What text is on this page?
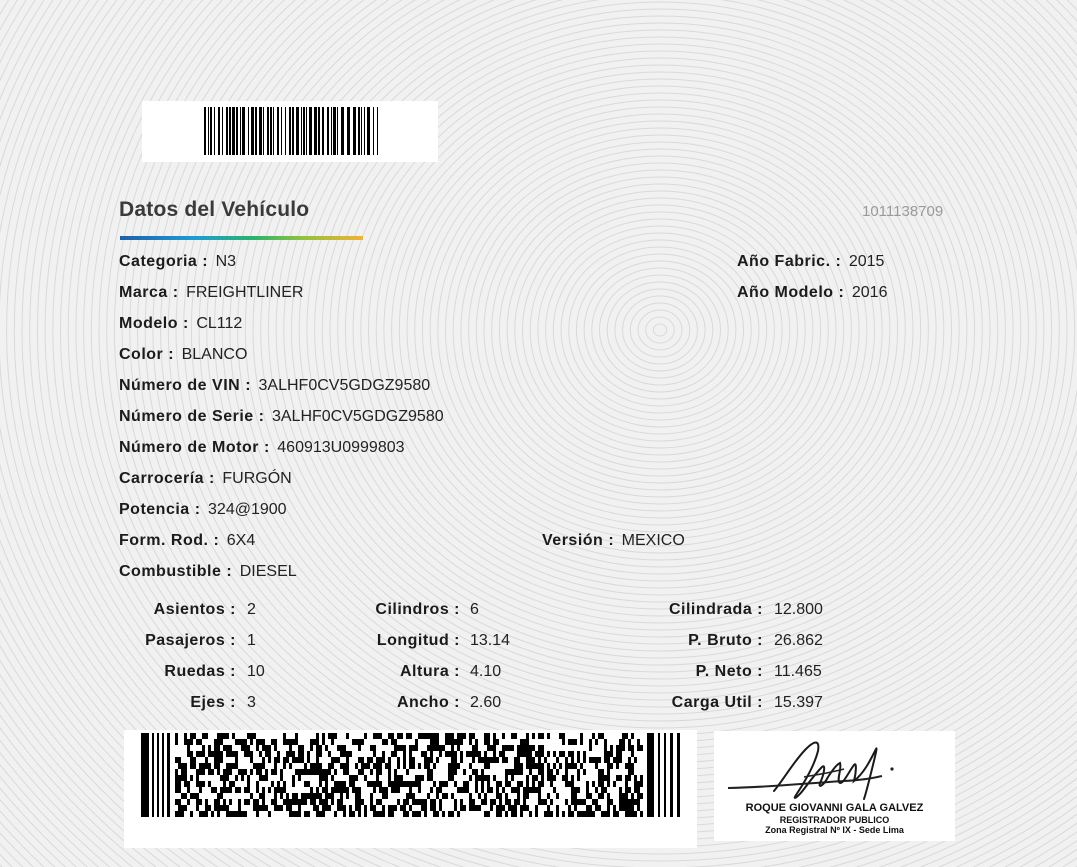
Datos del Vehículo	1011138709
Categoria : N3
Marca : FREIGHTLINER
Modelo : CL112
Color : BLANCO
Número de VIN : 3ALHF0CV5GDGZ9580
Número de Serie : 3ALHF0CV5GDGZ9580
Número de Motor : 460913U0999803
Carrocería : FURGÓN
Potencia : 324@1900
Form. Rod. : 6X4
Combustible : DIESEL
Año Fabric. : 2015
Año Modelo : 2016
Versión : MEXICO
Asientos : 2
Pasajeros : 1
Ruedas : 10
Ejes : 3
Cilindros : 6
Longitud : 13.14
Altura : 4.10
Ancho : 2.60
Cilindrada : 12.800
P. Bruto : 26.862
P. Neto : 11.465
Carga Util : 15.397
ROQUE GIOVANNI GALA GALVEZ
REGISTRADOR PUBLICO
Zona Registral Nº IX - Sede Lima
